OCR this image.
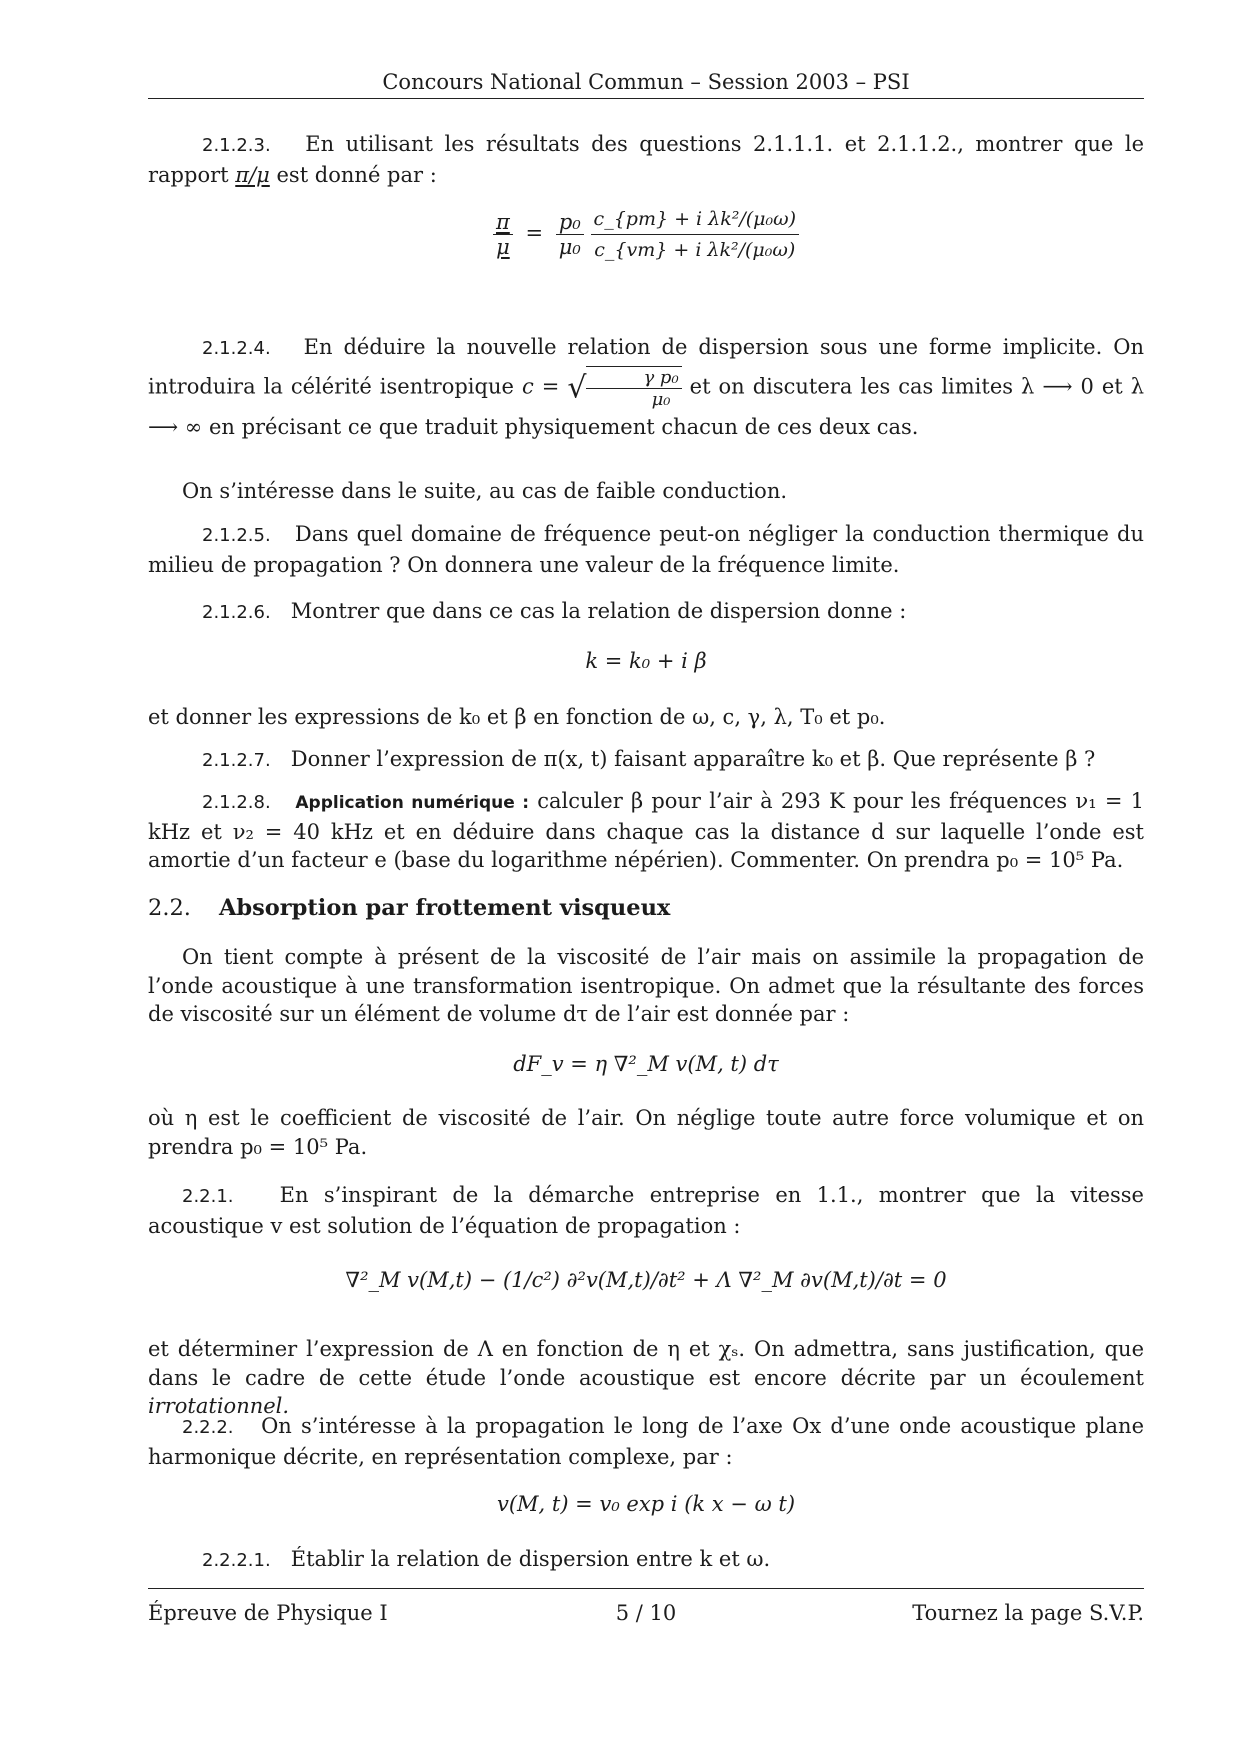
Concours National Commun – Session 2003 – PSI
2.1.2.3. En utilisant les résultats des questions 2.1.1.1. et 2.1.1.2., montrer que le rapport π/μ est donné par :
$\frac{\pi}{\mu} = \frac{\text{p₀}}{\text{μ₀}}$
$\frac{\text{c\_\{pm\} + i λk²/(μ₀ω)}}{\text{c\_\{vm\} + i λk²/(μ₀ω)}}$
2.1.2.4. En déduire la nouvelle relation de dispersion sous une forme implicite. On introduira la célérité isentropique c = √ $\frac{\text{γ p₀}}{\text{μ₀}}$ et on discutera les cas limites λ ⟶ 0 et λ ⟶ ∞ en précisant ce que traduit physiquement chacun de ces deux cas.
On s’intéresse dans le suite, au cas de faible conduction.
2.1.2.5. Dans quel domaine de fréquence peut-on négliger la conduction thermique du milieu de propagation ? On donnera une valeur de la fréquence limite.
2.1.2.6. Montrer que dans ce cas la relation de dispersion donne :
k = k₀ + i β
et donner les expressions de k₀ et β en fonction de ω, c, γ, λ, T₀ et p₀.
2.1.2.7. Donner l’expression de π(x, t) faisant apparaître k₀ et β. Que représente β ?
2.1.2.8. Application numérique : calculer β pour l’air à 293 K pour les fréquences ν₁ = 1 kHz et ν₂ = 40 kHz et en déduire dans chaque cas la distance d sur laquelle l’onde est amortie d’un facteur e (base du logarithme népérien). Commenter. On prendra p₀ = 10⁵ Pa.
2.2. Absorption par frottement visqueux
On tient compte à présent de la viscosité de l’air mais on assimile la propagation de l’onde acoustique à une transformation isentropique. On admet que la résultante des forces de viscosité sur un élément de volume dτ de l’air est donnée par :
dF_v = η ∇²_M v(M, t) dτ
où η est le coefficient de viscosité de l’air. On néglige toute autre force volumique et on prendra p₀ = 10⁵ Pa.
2.2.1. En s’inspirant de la démarche entreprise en 1.1., montrer que la vitesse acoustique v est solution de l’équation de propagation :
∇²_M v(M,t) − (1/c²) ∂²v(M,t)/∂t² + Λ ∇²_M ∂v(M,t)/∂t = 0
et déterminer l’expression de Λ en fonction de η et χₛ. On admettra, sans justification, que dans le cadre de cette étude l’onde acoustique est encore décrite par un écoulement irrotationnel.
2.2.2. On s’intéresse à la propagation le long de l’axe Ox d’une onde acoustique plane harmonique décrite, en représentation complexe, par :
v(M, t) = v₀ exp i (k x − ω t)
2.2.2.1. Établir la relation de dispersion entre k et ω.
Épreuve de Physique I	5 / 10	Tournez la page S.V.P.
